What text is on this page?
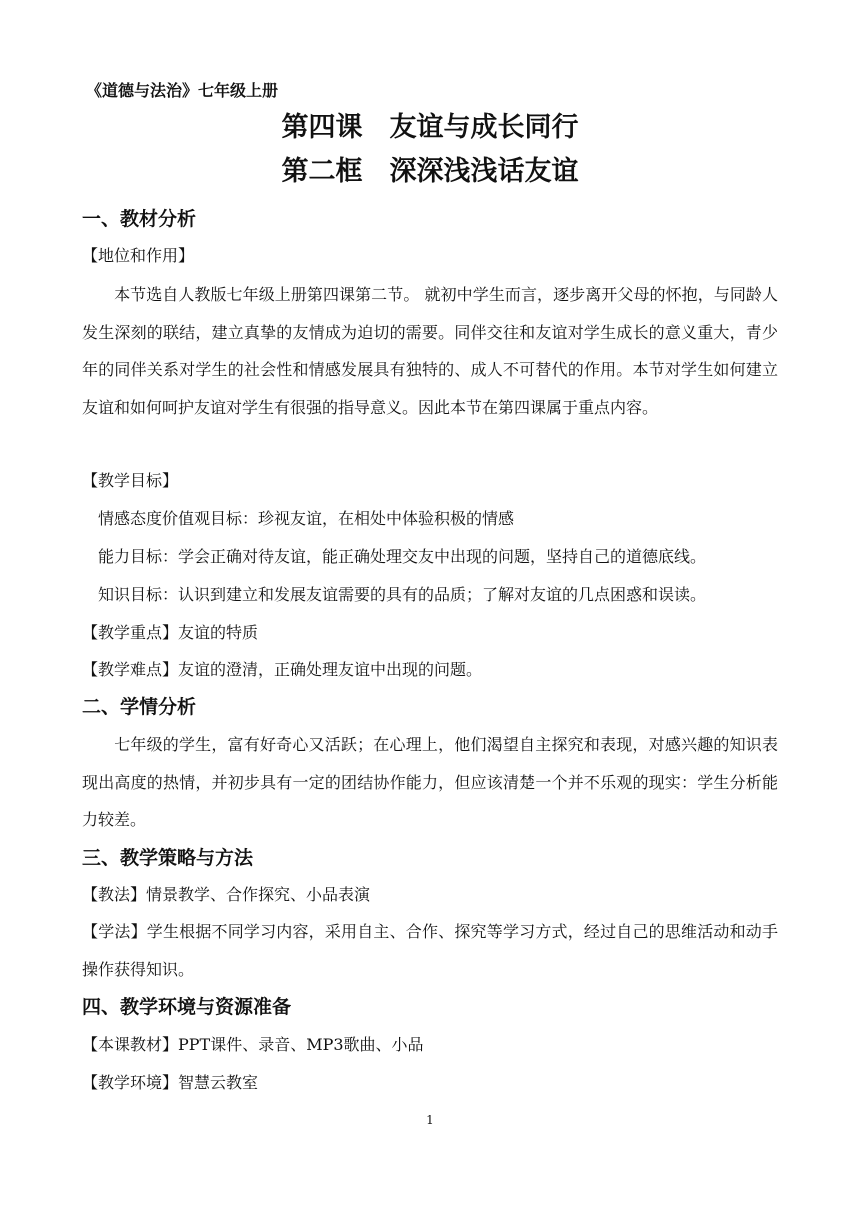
《道德与法治》七年级上册
第四课　友谊与成长同行
第二框　深深浅浅话友谊
一、教材分析
【地位和作用】
本节选自人教版七年级上册第四课第二节。 就初中学生而言，逐步离开父母的怀抱，与同龄人发生深刻的联结，建立真挚的友情成为迫切的需要。同伴交往和友谊对学生成长的意义重大，青少年的同伴关系对学生的社会性和情感发展具有独特的、成人不可替代的作用。本节对学生如何建立友谊和如何呵护友谊对学生有很强的指导意义。因此本节在第四课属于重点内容。
【教学目标】
情感态度价值观目标：珍视友谊，在相处中体验积极的情感
能力目标：学会正确对待友谊，能正确处理交友中出现的问题，坚持自己的道德底线。
知识目标：认识到建立和发展友谊需要的具有的品质；了解对友谊的几点困惑和误读。
【教学重点】友谊的特质
【教学难点】友谊的澄清，正确处理友谊中出现的问题。
二、学情分析
七年级的学生，富有好奇心又活跃；在心理上，他们渴望自主探究和表现，对感兴趣的知识表现出高度的热情，并初步具有一定的团结协作能力，但应该清楚一个并不乐观的现实：学生分析能力较差。
三、教学策略与方法
【教法】情景教学、合作探究、小品表演
【学法】学生根据不同学习内容，采用自主、合作、探究等学习方式，经过自己的思维活动和动手操作获得知识。
四、教学环境与资源准备
【本课教材】PPT课件、录音、MP3歌曲、小品
【教学环境】智慧云教室
1
